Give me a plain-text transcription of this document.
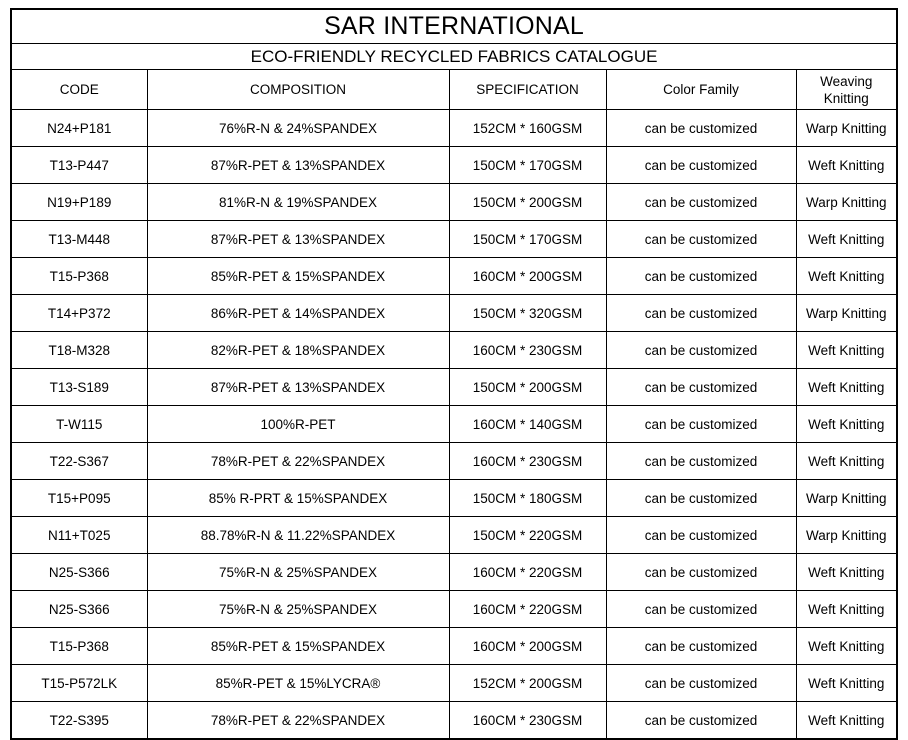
SAR INTERNATIONAL				
ECO-FRIENDLY RECYCLED FABRICS CATALOGUE				
CODE	COMPOSITION	SPECIFICATION	Color Family	Weaving
Knitting

N24+P181	76%R-N & 24%SPANDEX	152CM * 160GSM	can be customized	Warp Knitting
T13-P447	87%R-PET & 13%SPANDEX	150CM * 170GSM	can be customized	Weft Knitting
N19+P189	81%R-N & 19%SPANDEX	150CM * 200GSM	can be customized	Warp Knitting
T13-M448	87%R-PET & 13%SPANDEX	150CM * 170GSM	can be customized	Weft Knitting
T15-P368	85%R-PET & 15%SPANDEX	160CM * 200GSM	can be customized	Weft Knitting
T14+P372	86%R-PET & 14%SPANDEX	150CM * 320GSM	can be customized	Warp Knitting
T18-M328	82%R-PET & 18%SPANDEX	160CM * 230GSM	can be customized	Weft Knitting
T13-S189	87%R-PET & 13%SPANDEX	150CM * 200GSM	can be customized	Weft Knitting
T-W115	100%R-PET	160CM * 140GSM	can be customized	Weft Knitting
T22-S367	78%R-PET & 22%SPANDEX	160CM * 230GSM	can be customized	Weft Knitting
T15+P095	85% R-PRT & 15%SPANDEX	150CM * 180GSM	can be customized	Warp Knitting
N11+T025	88.78%R-N & 11.22%SPANDEX	150CM * 220GSM	can be customized	Warp Knitting
N25-S366	75%R-N & 25%SPANDEX	160CM * 220GSM	can be customized	Weft Knitting
N25-S366	75%R-N & 25%SPANDEX	160CM * 220GSM	can be customized	Weft Knitting
T15-P368	85%R-PET & 15%SPANDEX	160CM * 200GSM	can be customized	Weft Knitting
T15-P572LK	85%R-PET & 15%LYCRA®	152CM * 200GSM	can be customized	Weft Knitting
T22-S395	78%R-PET & 22%SPANDEX	160CM * 230GSM	can be customized	Weft Knitting
